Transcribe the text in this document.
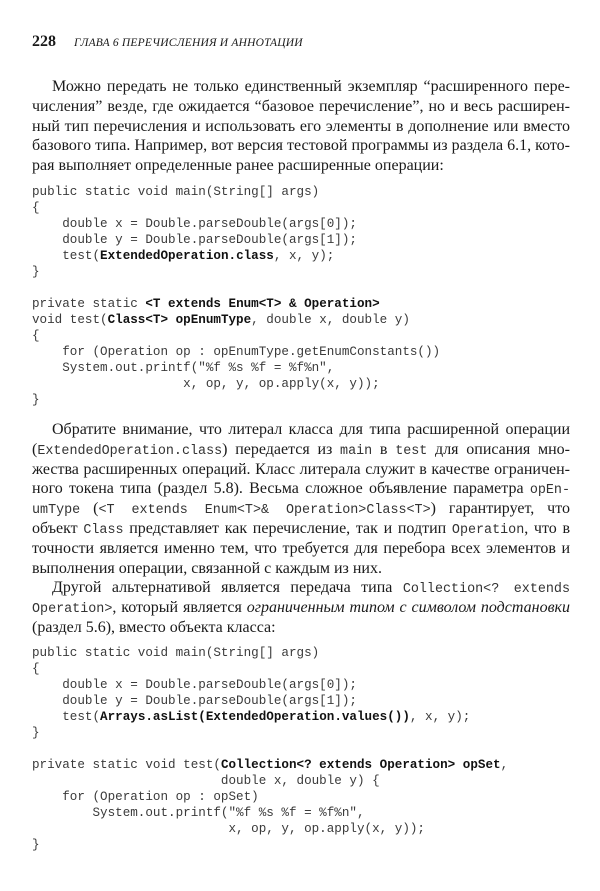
228 ГЛАВА 6 ПЕРЕЧИСЛЕНИЯ И АННОТАЦИИ
Можно передать не только единственный экземпляр “расширенного пере-
числения” везде, где ожидается “базовое перечисление”, но и весь расширен-
ный тип перечисления и использовать его элементы в дополнение или вместо
базового типа. Например, вот версия тестовой программы из раздела 6.1, кото-
рая выполняет определенные ранее расширенные операции:
public static void main(String[] args)
{
double x = Double.parseDouble(args[0]);
double y = Double.parseDouble(args[1]);
test(ExtendedOperation.class, x, y);
}
private static <T extends Enum<T> & Operation>
void test(Class<T> opEnumType, double x, double y)
{
for (Operation op : opEnumType.getEnumConstants())
System.out.printf("%f %s %f = %f%n",
x, op, y, op.apply(x, y));
}
Обратите внимание, что литерал класса для типа расширенной операции
(ExtendedOperation.class) передается из main в test для описания мно-
жества расширенных операций. Класс литерала служит в качестве ограничен-
ного токена типа (раздел 5.8). Весьма сложное объявление параметра opEn-
umType (<T extends Enum<T>& Operation>Class<T>) гарантирует, что
объект Class представляет как перечисление, так и подтип Operation, что в
точности является именно тем, что требуется для перебора всех элементов и
выполнения операции, связанной с каждым из них.
Другой альтернативой является передача типа Collection<? extends
Operation>, который является ограниченным типом с символом подстановки
(раздел 5.6), вместо объекта класса:
public static void main(String[] args)
{
double x = Double.parseDouble(args[0]);
double y = Double.parseDouble(args[1]);
test(Arrays.asList(ExtendedOperation.values()), x, y);
}
private static void test(Collection<? extends Operation> opSet,
double x, double y) {
for (Operation op : opSet)
System.out.printf("%f %s %f = %f%n",
x, op, y, op.apply(x, y));
}
